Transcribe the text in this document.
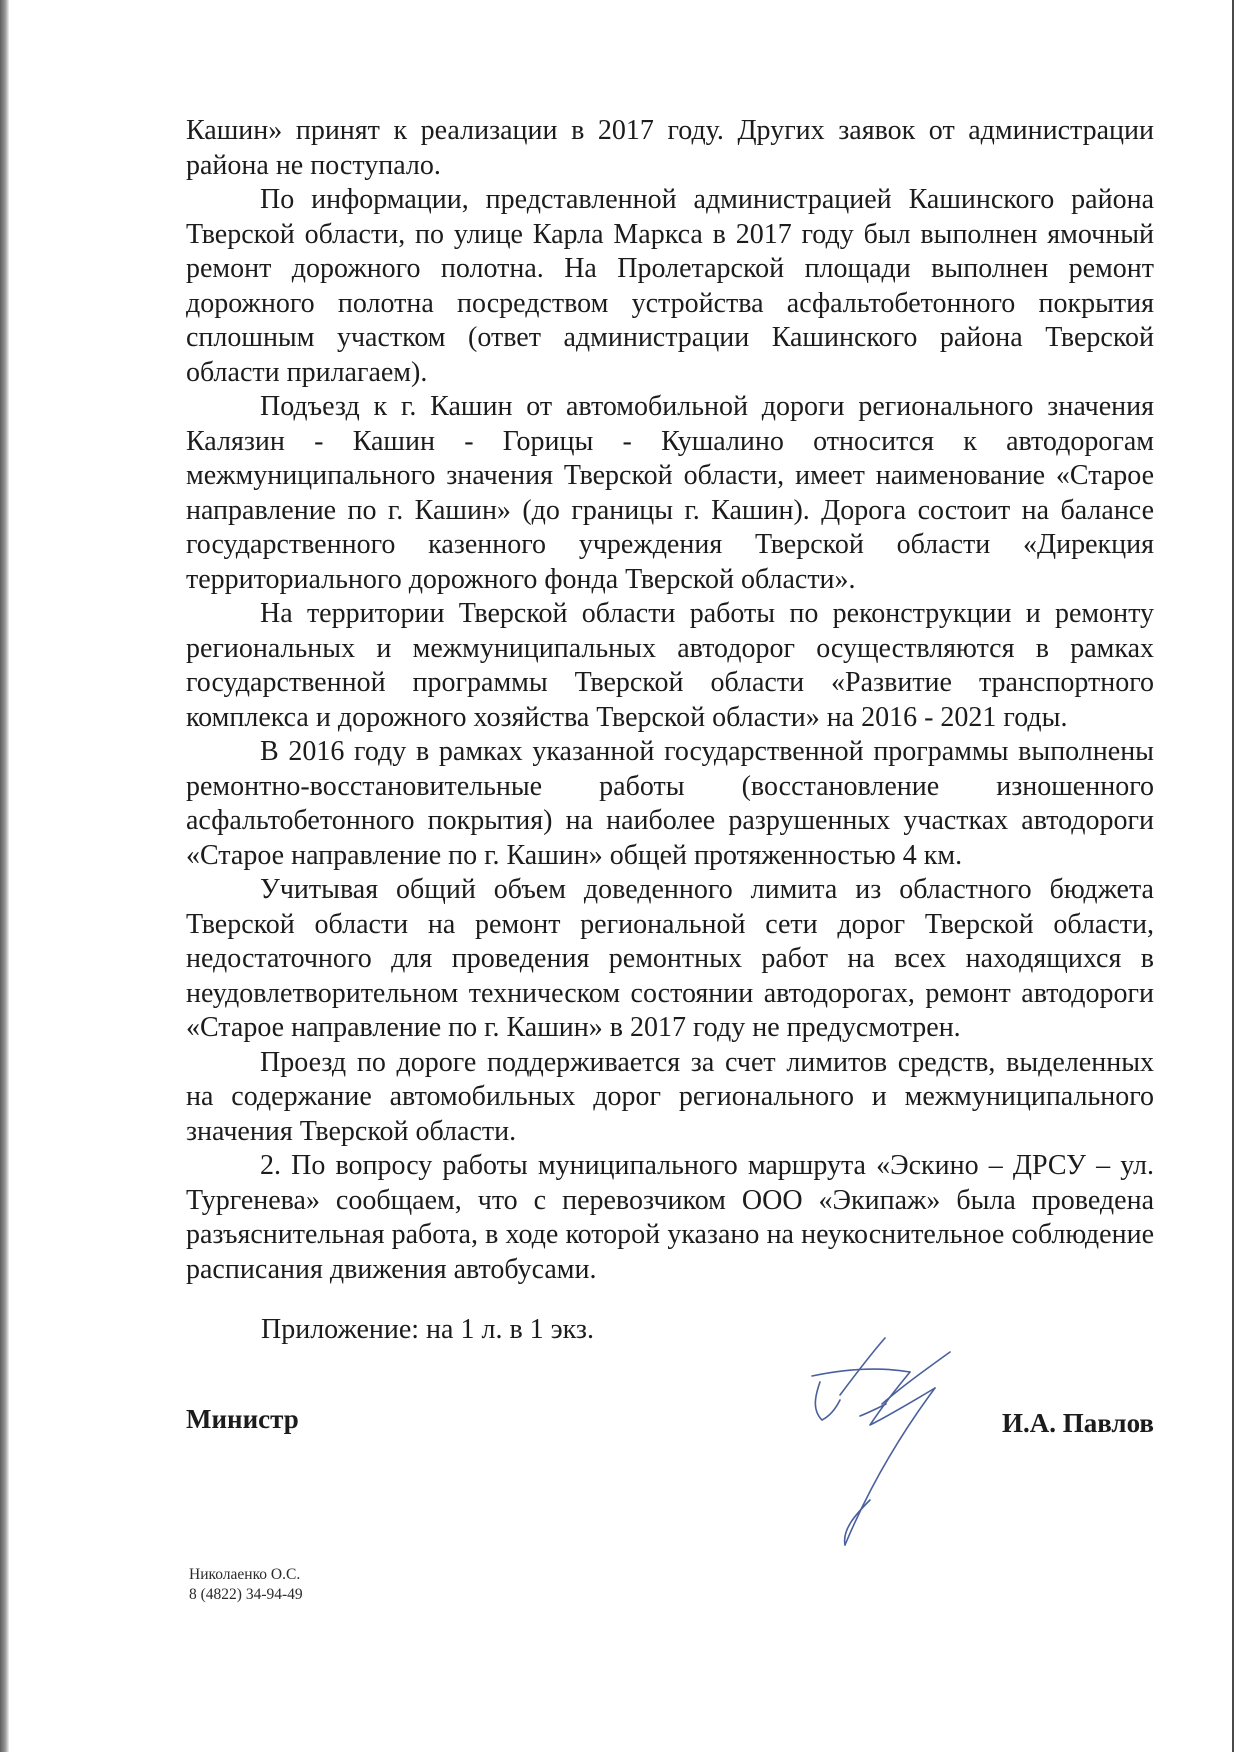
Кашин» принят к реализации в 2017 году. Других заявок от администрации района не поступало.

По информации, представленной администрацией Кашинского района Тверской области, по улице Карла Маркса в 2017 году был выполнен ямочный ремонт дорожного полотна. На Пролетарской площади выполнен ремонт дорожного полотна посредством устройства асфальтобетонного покрытия сплошным участком (ответ администрации Кашинского района Тверской области прилагаем).

Подъезд к г. Кашин от автомобильной дороги регионального значения Калязин - Кашин - Горицы - Кушалино относится к автодорогам межмуниципального значения Тверской области, имеет наименование «Старое направление по г. Кашин» (до границы г. Кашин). Дорога состоит на балансе государственного казенного учреждения Тверской области «Дирекция территориального дорожного фонда Тверской области».

На территории Тверской области работы по реконструкции и ремонту региональных и межмуниципальных автодорог осуществляются в рамках государственной программы Тверской области «Развитие транспортного комплекса и дорожного хозяйства Тверской области» на 2016 - 2021 годы.

В 2016 году в рамках указанной государственной программы выполнены ремонтно-восстановительные работы (восстановление изношенного асфальтобетонного покрытия) на наиболее разрушенных участках автодороги «Старое направление по г. Кашин» общей протяженностью 4 км.

Учитывая общий объем доведенного лимита из областного бюджета Тверской области на ремонт региональной сети дорог Тверской области, недостаточного для проведения ремонтных работ на всех находящихся в неудовлетворительном техническом состоянии автодорогах, ремонт автодороги «Старое направление по г. Кашин» в 2017 году не предусмотрен.

Проезд по дороге поддерживается за счет лимитов средств, выделенных на содержание автомобильных дорог регионального и межмуниципального значения Тверской области.

2. По вопросу работы муниципального маршрута «Эскино – ДРСУ – ул. Тургенева» сообщаем, что с перевозчиком ООО «Экипаж» была проведена разъяснительная работа, в ходе которой указано на неукоснительное соблюдение расписания движения автобусами.

Приложение: на 1 л. в 1 экз.
Министр	И.А. Павлов
Николаенко О.С.
8 (4822) 34-94-49
